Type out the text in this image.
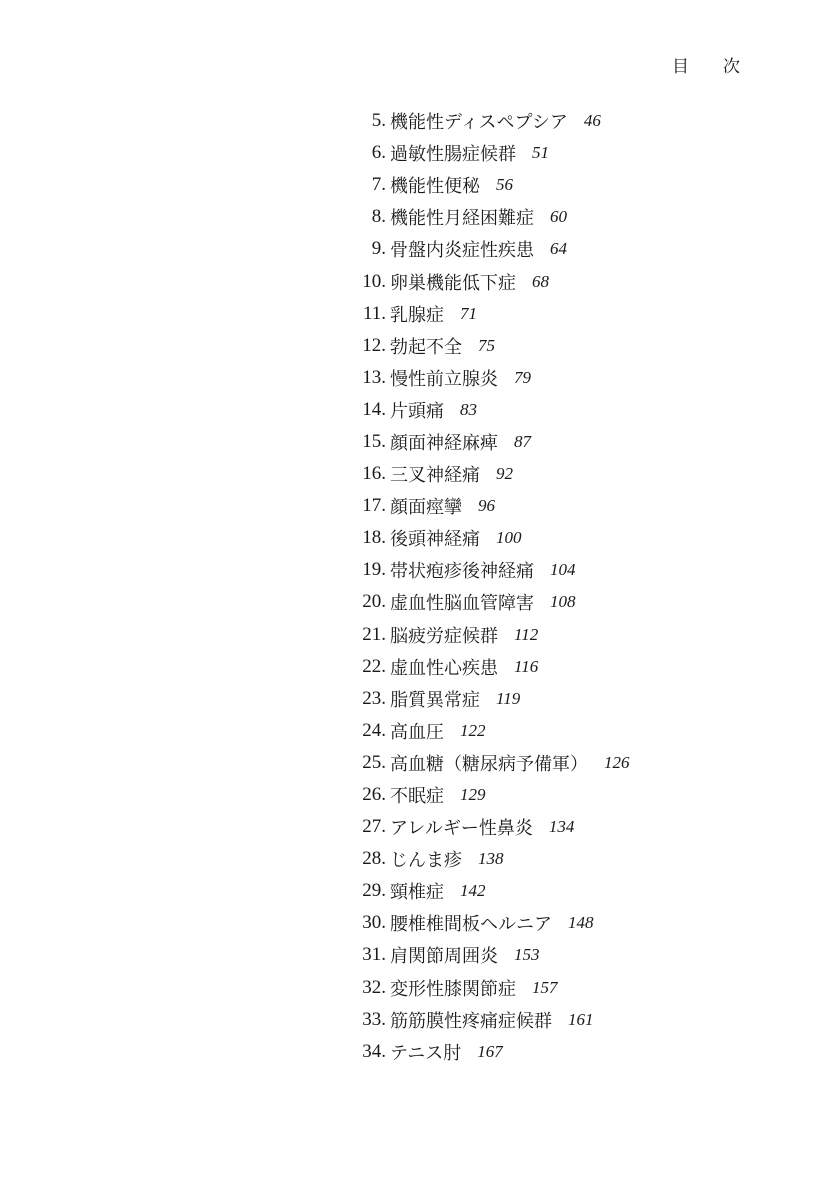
目　　次
5. 機能性ディスペプシア 46
6. 過敏性腸症候群 51
7. 機能性便秘 56
8. 機能性月経困難症 60
9. 骨盤内炎症性疾患 64
10. 卵巣機能低下症 68
11. 乳腺症 71
12. 勃起不全 75
13. 慢性前立腺炎 79
14. 片頭痛 83
15. 顔面神経麻痺 87
16. 三叉神経痛 92
17. 顔面痙攣 96
18. 後頭神経痛 100
19. 帯状疱疹後神経痛 104
20. 虚血性脳血管障害 108
21. 脳疲労症候群 112
22. 虚血性心疾患 116
23. 脂質異常症 119
24. 高血圧 122
25. 高血糖（糖尿病予備軍） 126
26. 不眠症 129
27. アレルギー性鼻炎 134
28. じんま疹 138
29. 頸椎症 142
30. 腰椎椎間板ヘルニア 148
31. 肩関節周囲炎 153
32. 変形性膝関節症 157
33. 筋筋膜性疼痛症候群 161
34. テニス肘 167
